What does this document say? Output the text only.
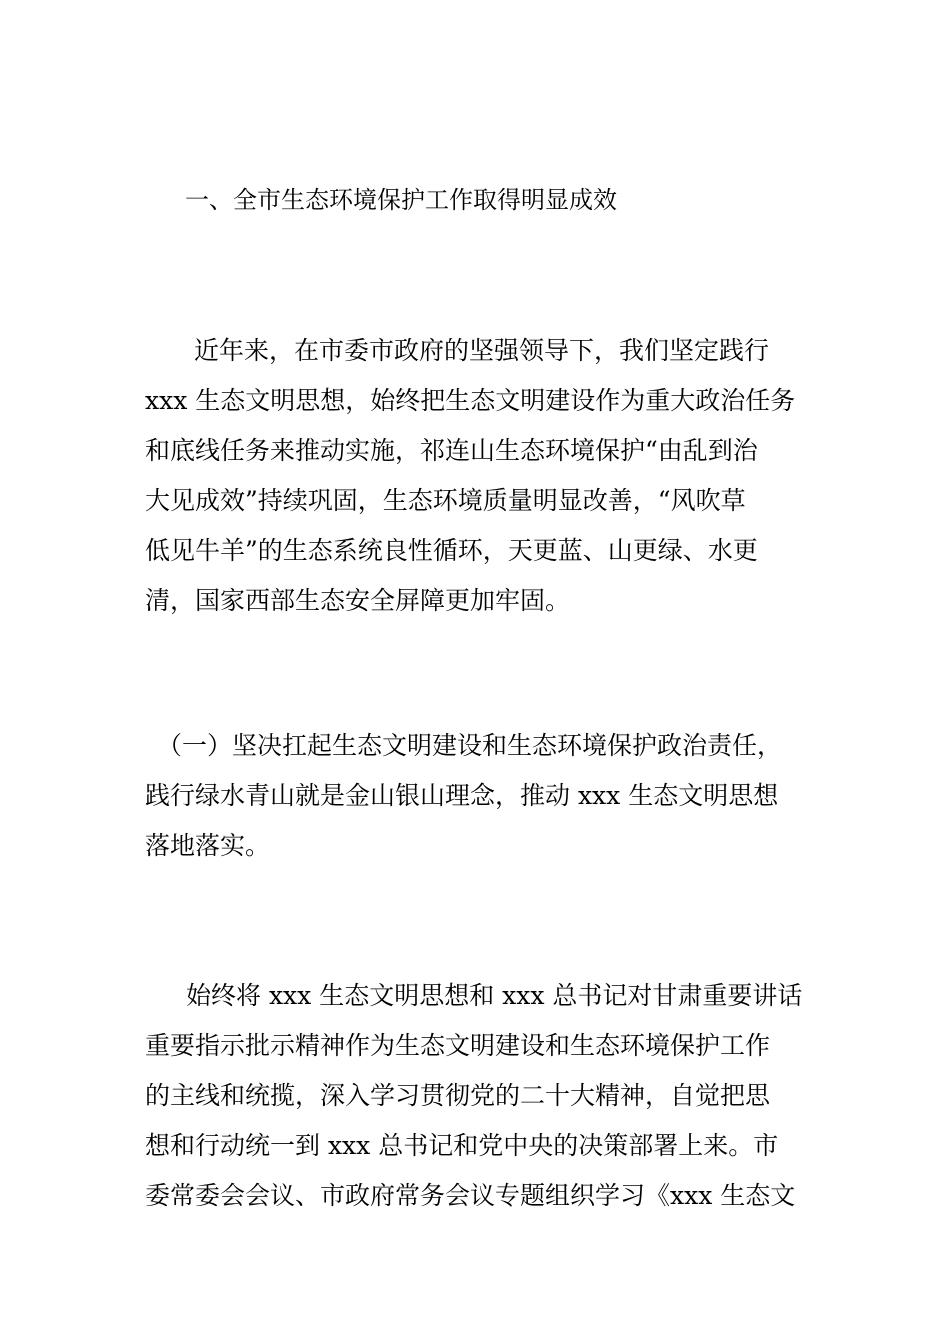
一、全市生态环境保护工作取得明显成效
　近年来，在市委市政府的坚强领导下，我们坚定践行
xxx 生态文明思想，始终把生态文明建设作为重大政治任务
和底线任务来推动实施，祁连山生态环境保护“由乱到治
大见成效”持续巩固，生态环境质量明显改善，“风吹草
低见牛羊”的生态系统良性循环，天更蓝、山更绿、水更
清，国家西部生态安全屏障更加牢固。
（一）坚决扛起生态文明建设和生态环境保护政治责任，
践行绿水青山就是金山银山理念，推动 xxx 生态文明思想
落地落实。
　始终将 xxx 生态文明思想和 xxx 总书记对甘肃重要讲话
重要指示批示精神作为生态文明建设和生态环境保护工作
的主线和统揽，深入学习贯彻党的二十大精神，自觉把思
想和行动统一到 xxx 总书记和党中央的决策部署上来。市
委常委会会议、市政府常务会议专题组织学习《xxx 生态文
